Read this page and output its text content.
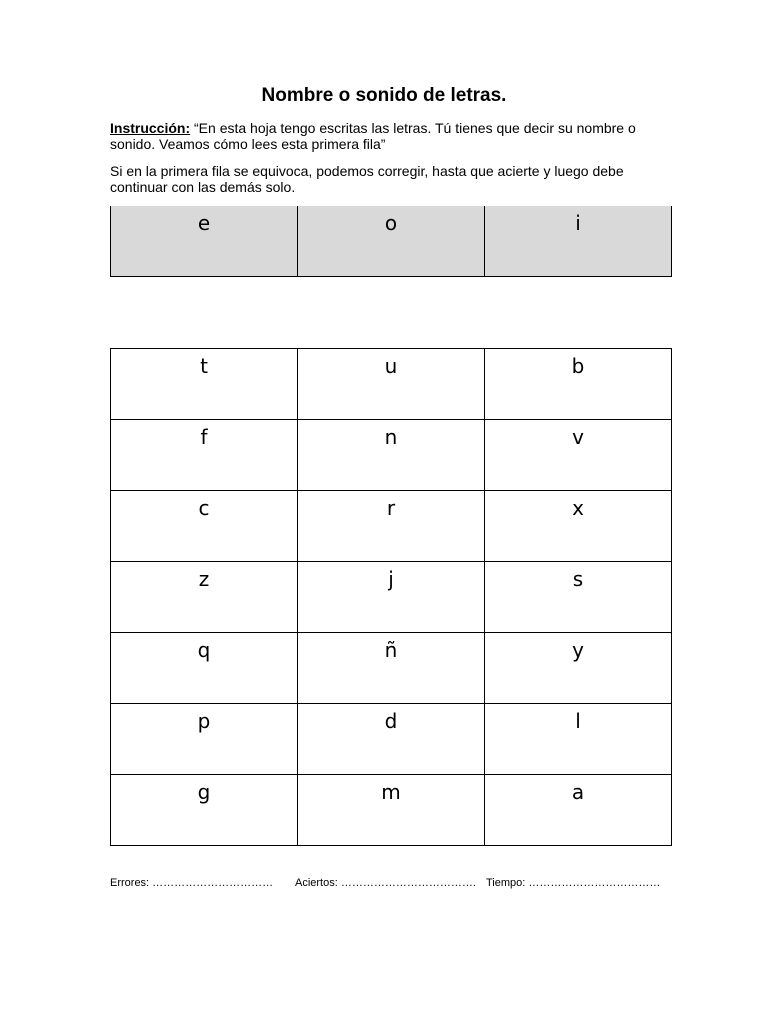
Nombre o sonido de letras.
Instrucción: “En esta hoja tengo escritas las letras. Tú tienes que decir su nombre o sonido. Veamos cómo lees esta primera fila”
Si en la primera fila se equivoca, podemos corregir, hasta que acierte y luego debe continuar con las demás solo.
e	o	i
t	u	b

f	n	v

c	r	x

z	j	s

q	ñ	y

p	d	l

g	m	a
Errores: …………………………… Aciertos: ………………………………. Tiempo: ………………………………
